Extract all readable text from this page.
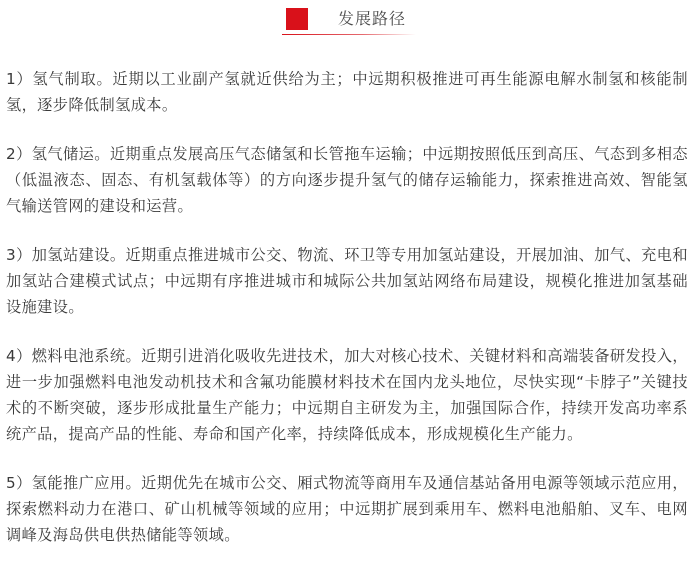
发展路径

1）氢气制取。近期以工业副产氢就近供给为主；中远期积极推进可再生能源电解水制氢和核能制氢，逐步降低制氢成本。

2）氢气储运。近期重点发展高压气态储氢和长管拖车运输；中远期按照低压到高压、气态到多相态（低温液态、固态、有机氢载体等）的方向逐步提升氢气的储存运输能力，探索推进高效、智能氢气输送管网的建设和运营。

3）加氢站建设。近期重点推进城市公交、物流、环卫等专用加氢站建设，开展加油、加气、充电和加氢站合建模式试点；中远期有序推进城市和城际公共加氢站网络布局建设，规模化推进加氢基础设施建设。

4）燃料电池系统。近期引进消化吸收先进技术，加大对核心技术、关键材料和高端装备研发投入，进一步加强燃料电池发动机技术和含氟功能膜材料技术在国内龙头地位，尽快实现“卡脖子”关键技术的不断突破，逐步形成批量生产能力；中远期自主研发为主，加强国际合作，持续开发高功率系统产品，提高产品的性能、寿命和国产化率，持续降低成本，形成规模化生产能力。

5）氢能推广应用。近期优先在城市公交、厢式物流等商用车及通信基站备用电源等领域示范应用，探索燃料动力在港口、矿山机械等领域的应用；中远期扩展到乘用车、燃料电池船舶、叉车、电网调峰及海岛供电供热储能等领域。
